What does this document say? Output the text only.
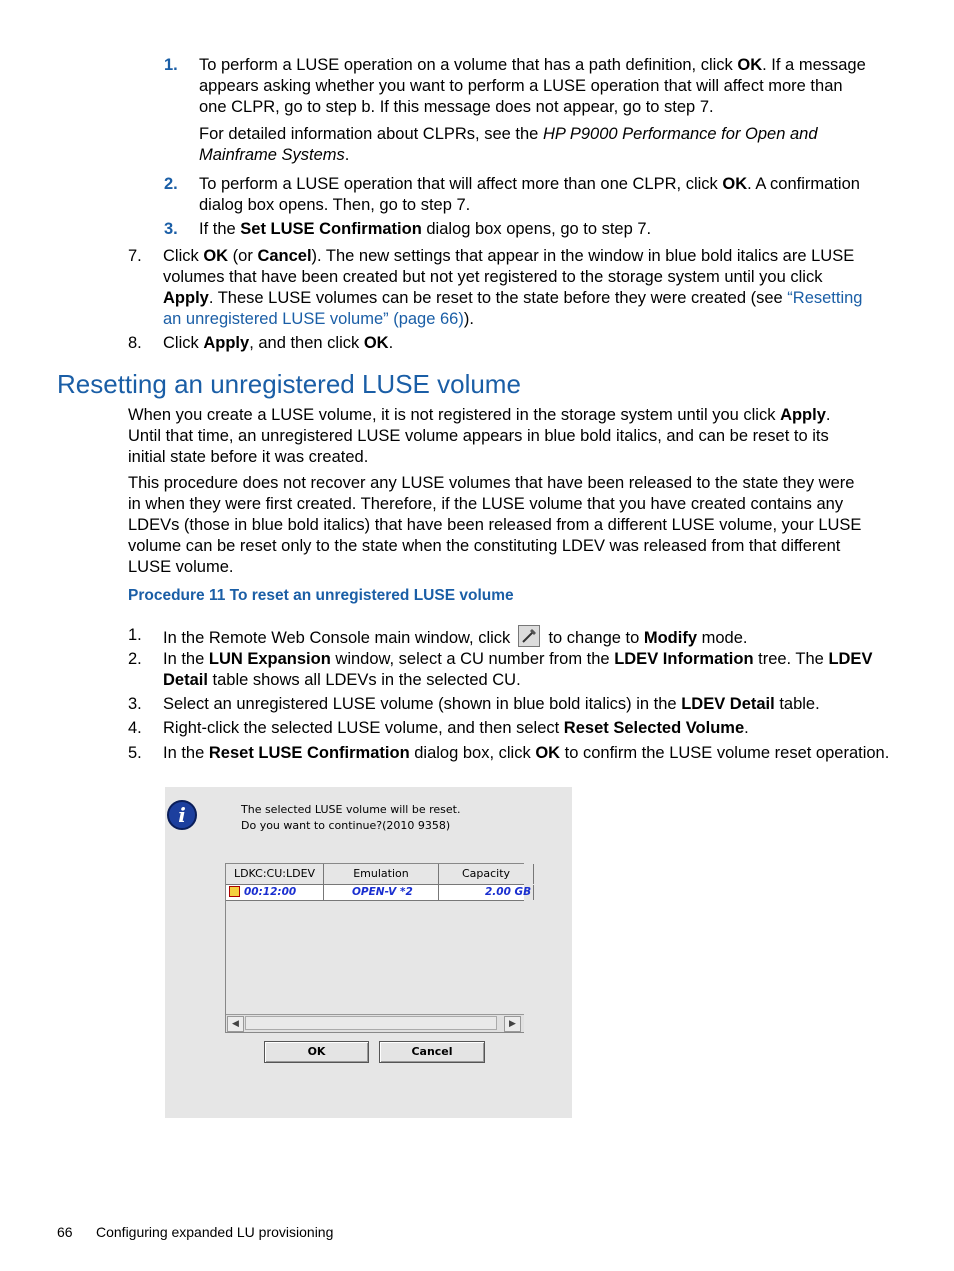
1.	To perform a LUSE operation on a volume that has a path definition, click OK. If a message
appears asking whether you want to perform a LUSE operation that will affect more than
one CLPR, go to step b. If this message does not appear, go to step 7.
For detailed information about CLPRs, see the HP P9000 Performance for Open and
Mainframe Systems.
2.	To perform a LUSE operation that will affect more than one CLPR, click OK. A confirmation
dialog box opens. Then, go to step 7.
3.	If the Set LUSE Confirmation dialog box opens, go to step 7.
7.	Click OK (or Cancel). The new settings that appear in the window in blue bold italics are LUSE
volumes that have been created but not yet registered to the storage system until you click
Apply. These LUSE volumes can be reset to the state before they were created (see “Resetting
an unregistered LUSE volume” (page 66)).
8.	Click Apply, and then click OK.
Resetting an unregistered LUSE volume
When you create a LUSE volume, it is not registered in the storage system until you click Apply.
Until that time, an unregistered LUSE volume appears in blue bold italics, and can be reset to its
initial state before it was created.
This procedure does not recover any LUSE volumes that have been released to the state they were
in when they were first created. Therefore, if the LUSE volume that you have created contains any
LDEVs (those in blue bold italics) that have been released from a different LUSE volume, your LUSE
volume can be reset only to the state when the constituting LDEV was released from that different
LUSE volume.
Procedure 11 To reset an unregistered LUSE volume
1.	In the Remote Web Console main window, click
to change to Modify mode.
2.	In the LUN Expansion window, select a CU number from the LDEV Information tree. The LDEV
Detail table shows all LDEVs in the selected CU.
3.	Select an unregistered LUSE volume (shown in blue bold italics) in the LDEV Detail table.
4.	Right-click the selected LUSE volume, and then select Reset Selected Volume.
5.	In the Reset LUSE Confirmation dialog box, click OK to confirm the LUSE volume reset operation.
i	The selected LUSE volume will be reset.
Do you want to continue?(2010 9358)
LDKC:CU:LDEV	Emulation	Capacity
00:12:00	OPEN-V *2	2.00 GB
◀	▶
OK	Cancel
66 Configuring expanded LU provisioning
